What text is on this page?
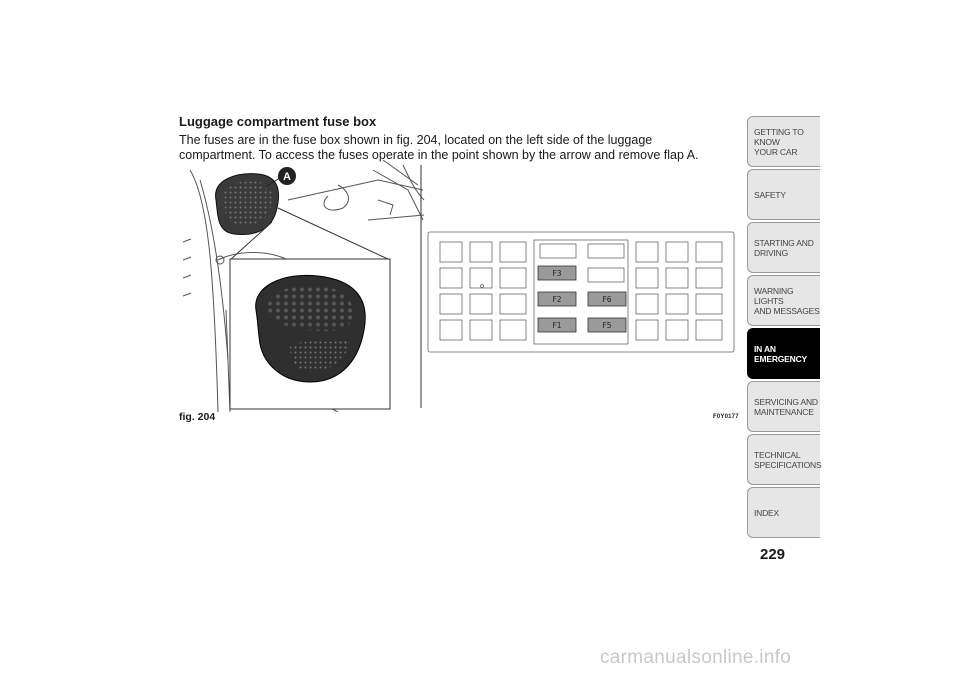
Luggage compartment fuse box
The fuses are in the fuse box shown in fig. 204, located on the left side of the luggage compartment. To access the fuses operate in the point shown by the arrow and remove flap A.
A
F3
F2
F1
F6
F5
fig. 204	F0Y0177
GETTING TO KNOW
YOUR CAR
SAFETY
STARTING AND
DRIVING
WARNING LIGHTS
AND MESSAGES
IN AN
EMERGENCY
SERVICING AND
MAINTENANCE
TECHNICAL
SPECIFICATIONS
INDEX
229
carmanualsonline.info
